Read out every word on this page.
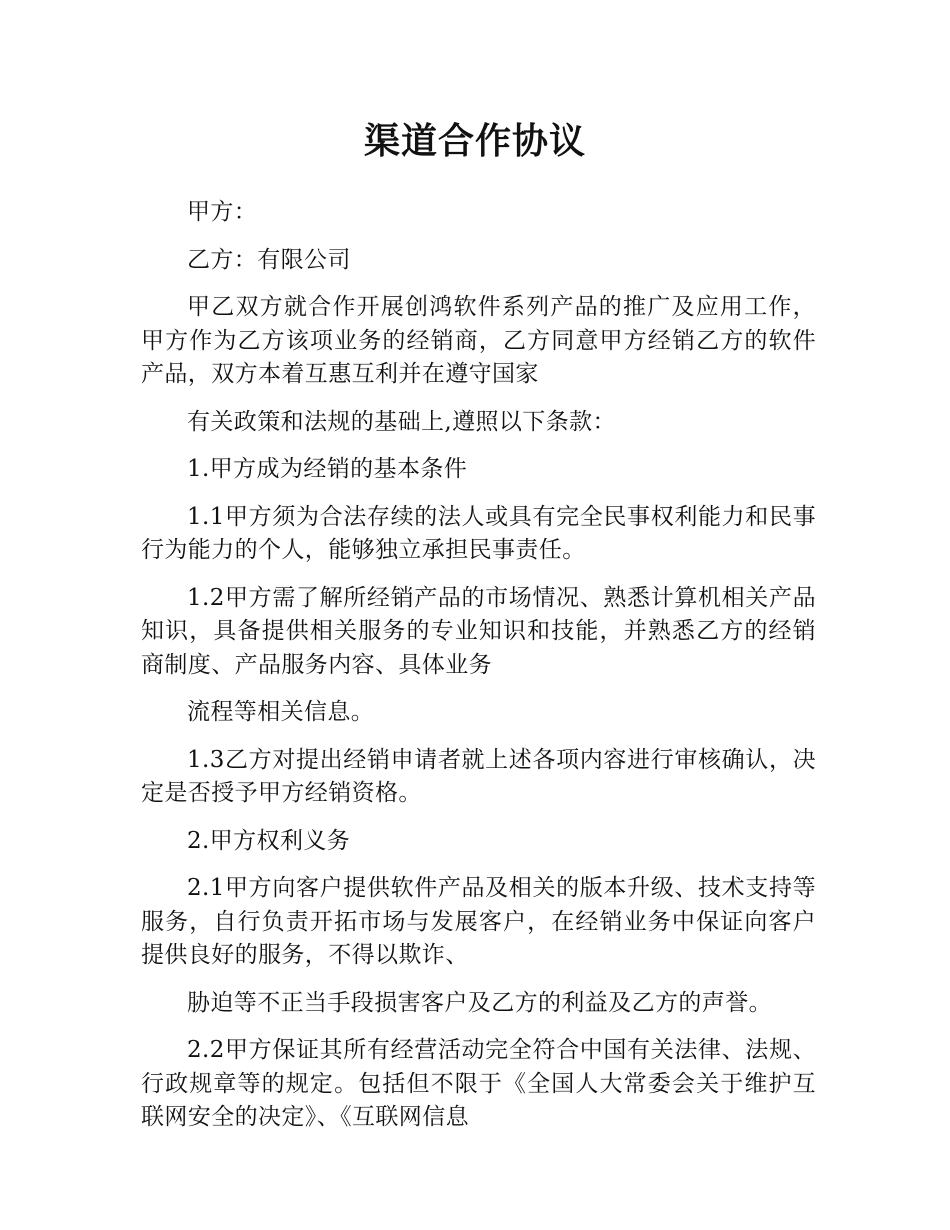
渠道合作协议

甲方：

乙方：有限公司

甲乙双方就合作开展创鸿软件系列产品的推广及应用工作，甲方作为乙方该项业务的经销商，乙方同意甲方经销乙方的软件产品，双方本着互惠互利并在遵守国家

有关政策和法规的基础上,遵照以下条款：

1.甲方成为经销的基本条件

1.1甲方须为合法存续的法人或具有完全民事权利能力和民事行为能力的个人，能够独立承担民事责任。

1.2甲方需了解所经销产品的市场情况、熟悉计算机相关产品知识，具备提供相关服务的专业知识和技能，并熟悉乙方的经销商制度、产品服务内容、具体业务

流程等相关信息。

1.3乙方对提出经销申请者就上述各项内容进行审核确认，决定是否授予甲方经销资格。

2.甲方权利义务

2.1甲方向客户提供软件产品及相关的版本升级、技术支持等服务，自行负责开拓市场与发展客户，在经销业务中保证向客户提供良好的服务，不得以欺诈、

胁迫等不正当手段损害客户及乙方的利益及乙方的声誉。

2.2甲方保证其所有经营活动完全符合中国有关法律、法规、行政规章等的规定。包括但不限于《全国人大常委会关于维护互联网安全的决定》、《互联网信息
